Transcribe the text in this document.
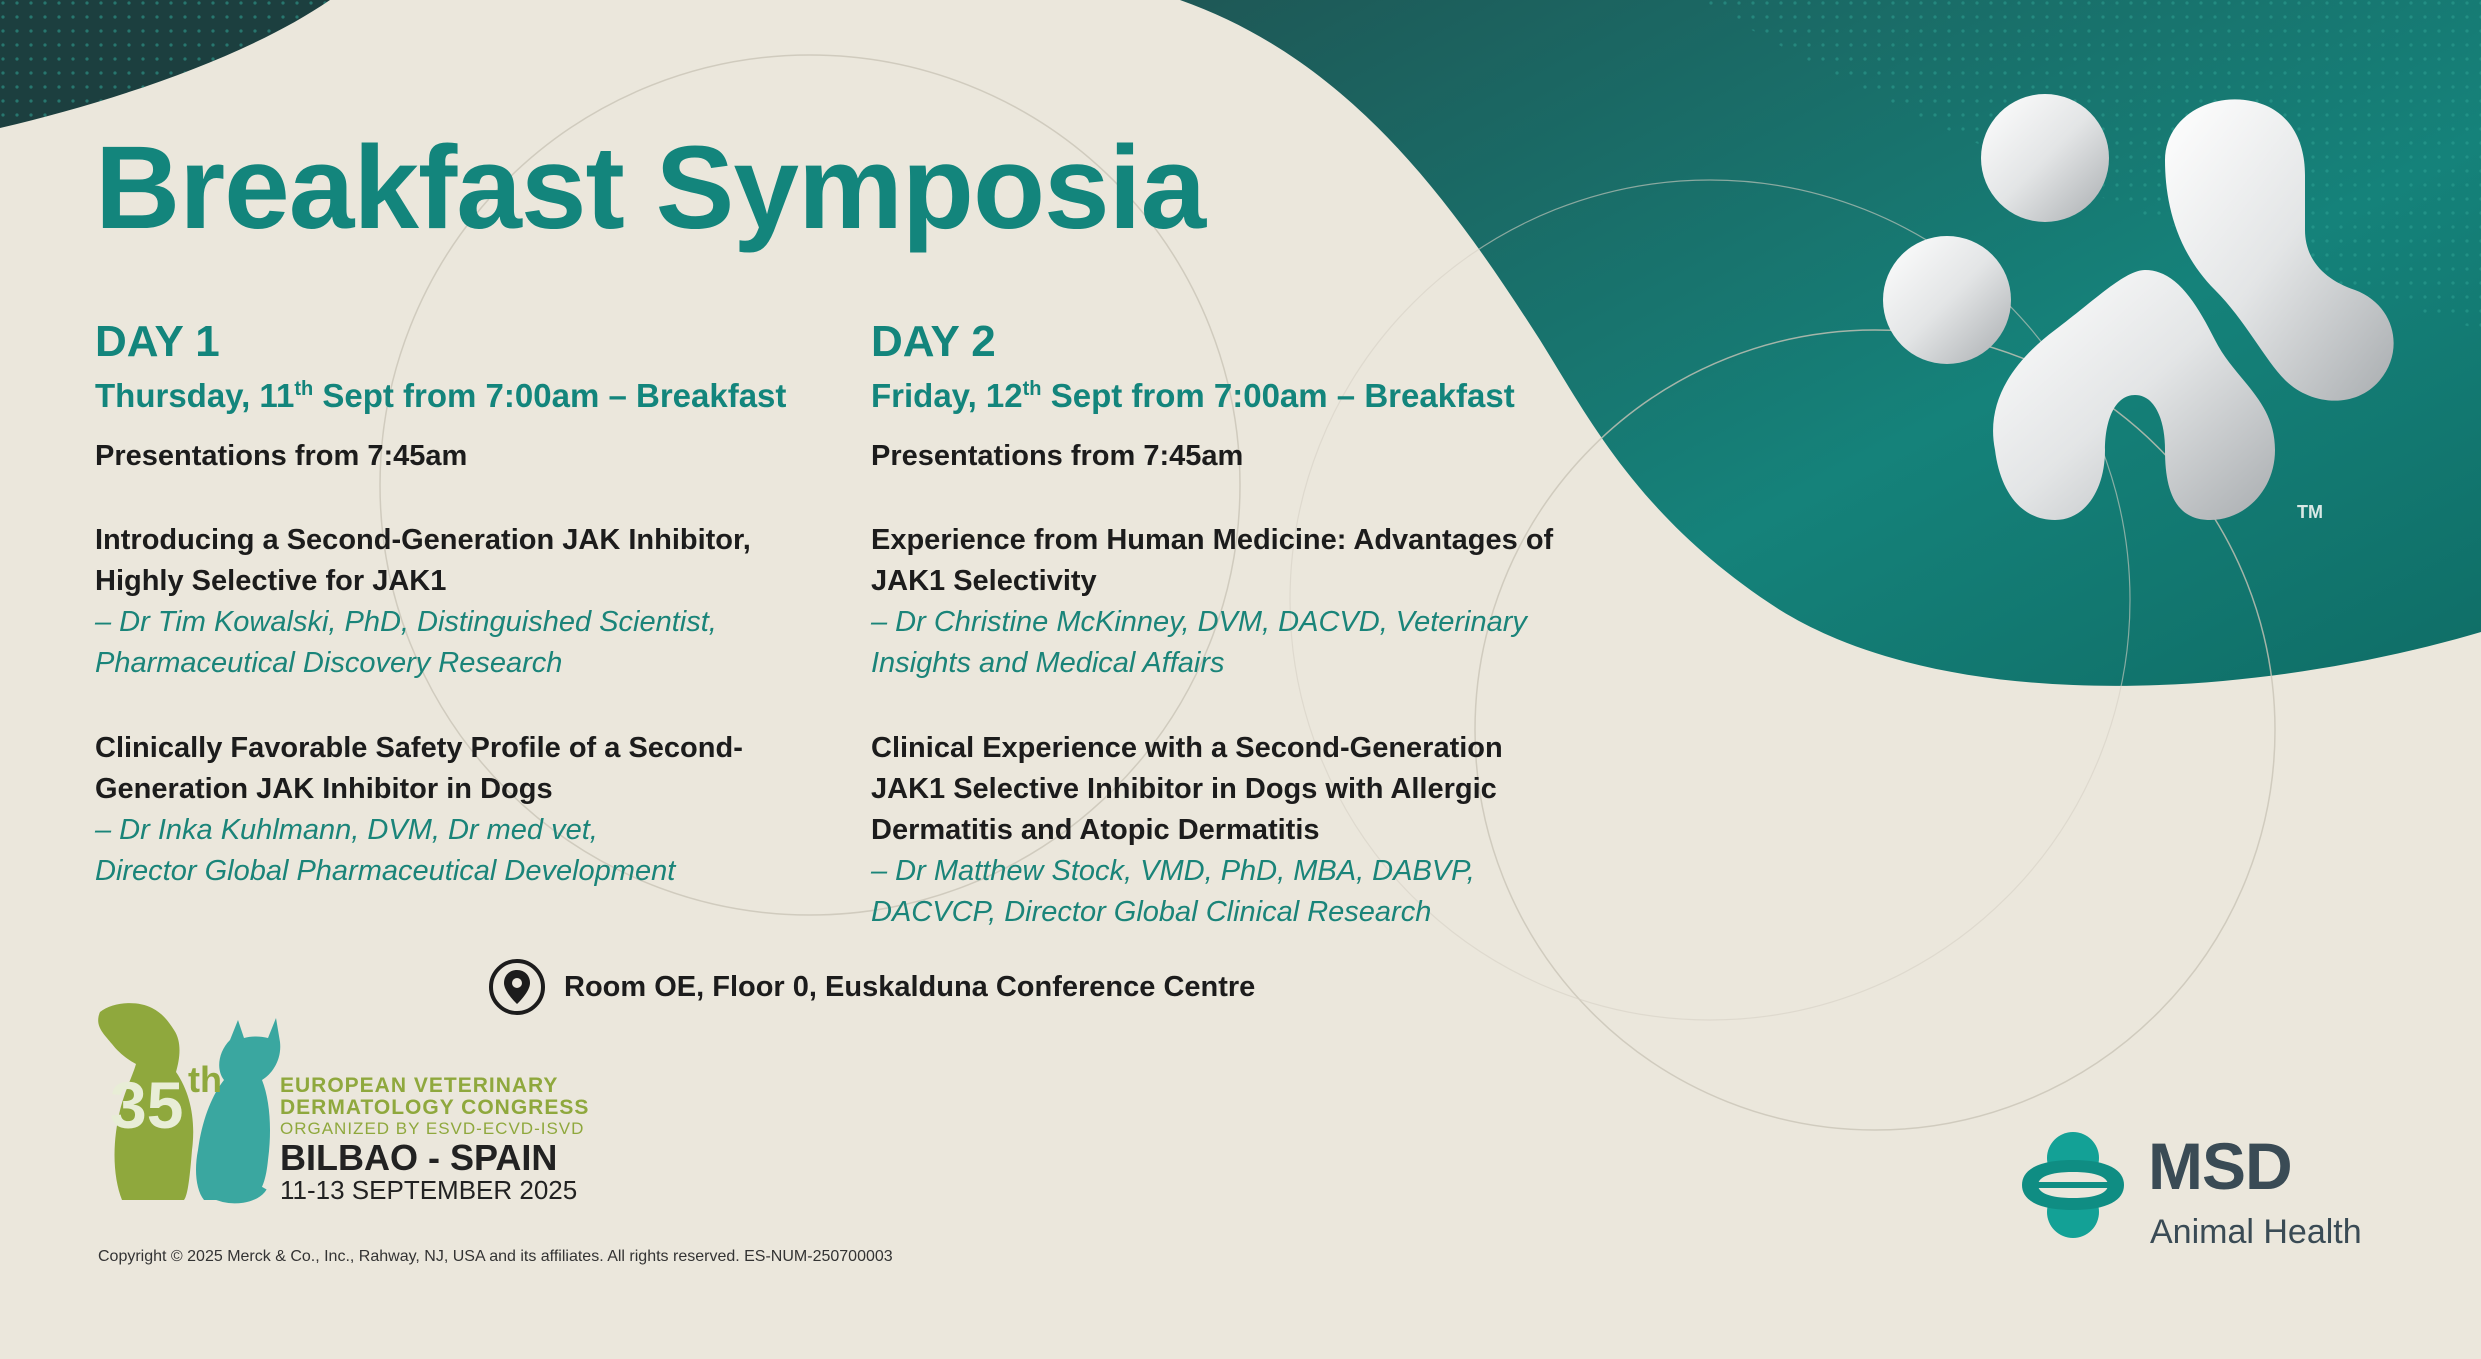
TM
Breakfast Symposia
DAY 1
Thursday, 11th Sept from 7:00am – Breakfast
Presentations from 7:45am
Introducing a Second-Generation JAK Inhibitor,
Highly Selective for JAK1
– Dr Tim Kowalski, PhD, Distinguished Scientist,
Pharmaceutical Discovery Research
Clinically Favorable Safety Profile of a Second-
Generation JAK Inhibitor in Dogs
– Dr Inka Kuhlmann, DVM, Dr med vet,
Director Global Pharmaceutical Development
DAY 2
Friday, 12th Sept from 7:00am – Breakfast
Presentations from 7:45am
Experience from Human Medicine: Advantages of
JAK1 Selectivity
– Dr Christine McKinney, DVM, DACVD, Veterinary
Insights and Medical Affairs
Clinical Experience with a Second-Generation
JAK1 Selective Inhibitor in Dogs with Allergic
Dermatitis and Atopic Dermatitis
– Dr Matthew Stock, VMD, PhD, MBA, DABVP,
DACVCP, Director Global Clinical Research
Room OE, Floor 0, Euskalduna Conference Centre
35 th	EUROPEAN VETERINARY
DERMATOLOGY CONGRESS
ORGANIZED BY ESVD-ECVD-ISVD
BILBAO - SPAIN
11-13 SEPTEMBER 2025
Copyright © 2025 Merck & Co., Inc., Rahway, NJ, USA and its affiliates. All rights reserved. ES-NUM-250700003
MSD
Animal Health
